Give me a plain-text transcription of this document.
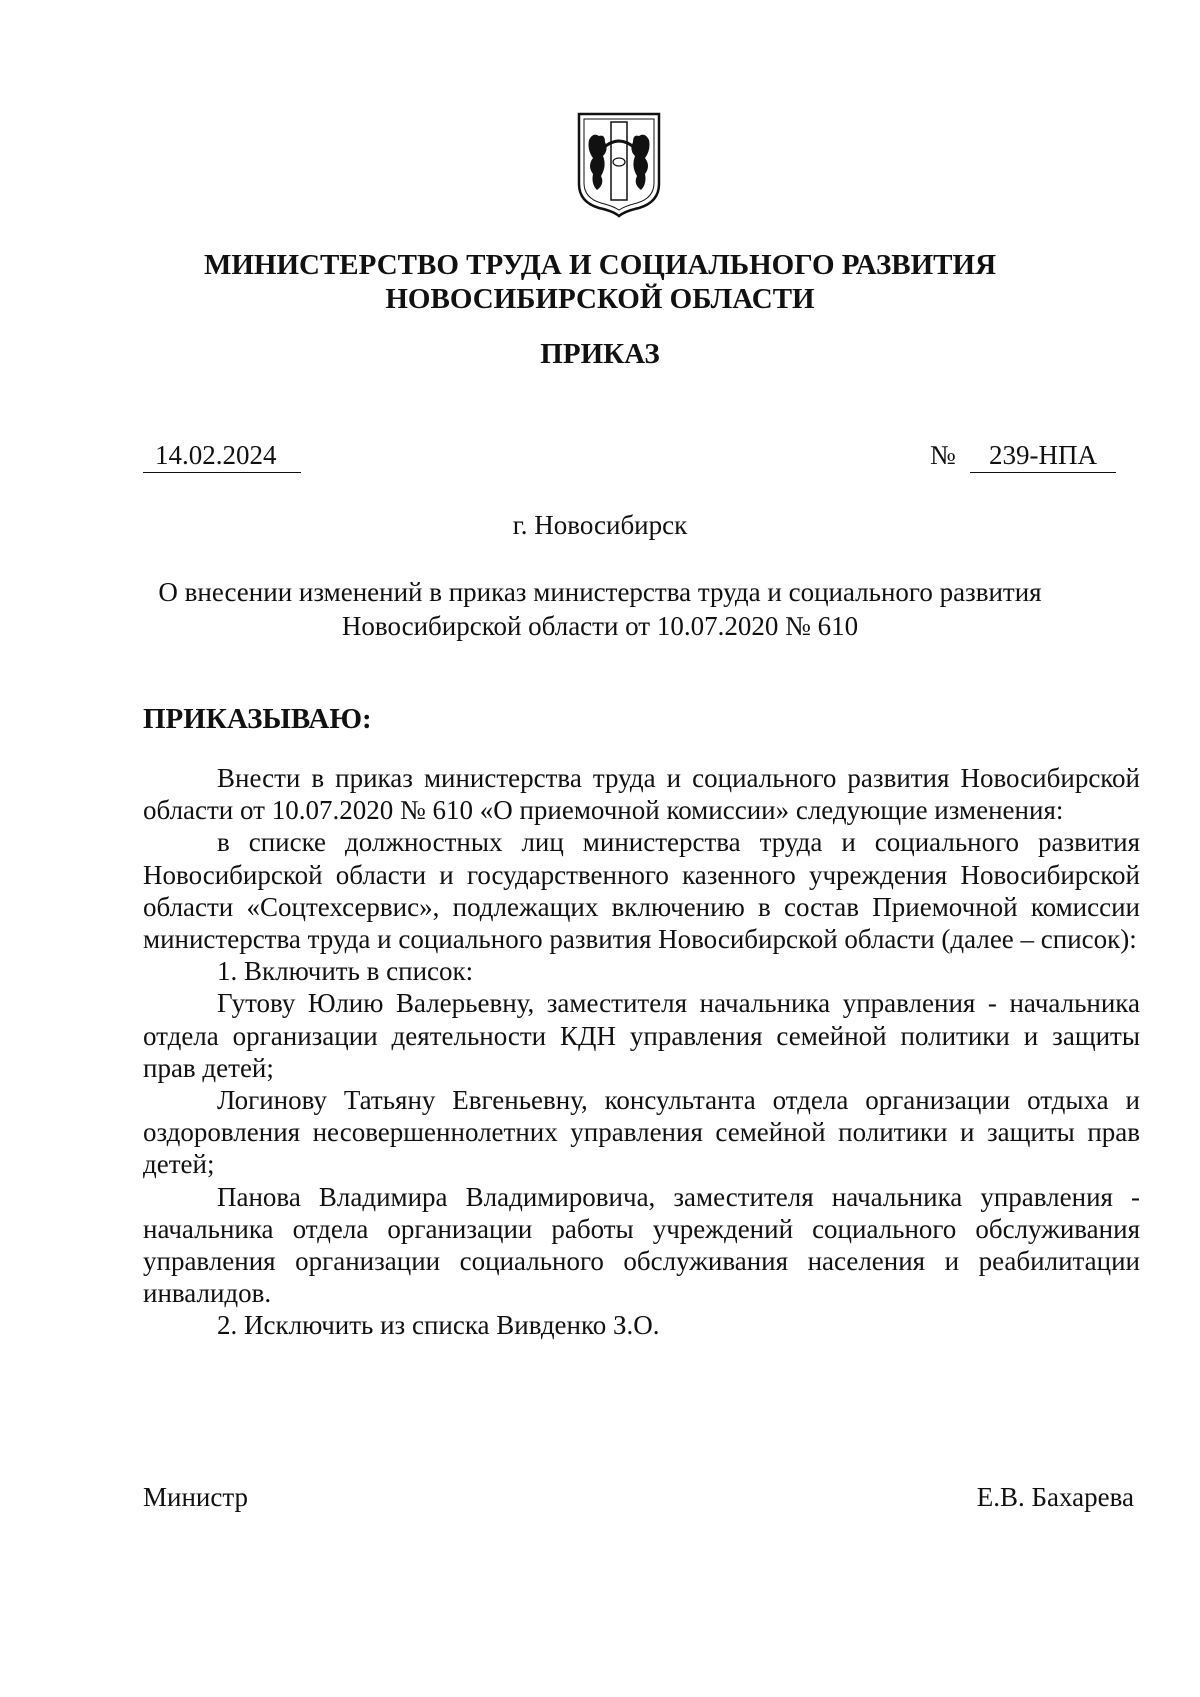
МИНИСТЕРСТВО ТРУДА И СОЦИАЛЬНОГО РАЗВИТИЯ
НОВОСИБИРСКОЙ ОБЛАСТИ
ПРИКАЗ
14.02.2024	№	239-НПА
г. Новосибирск
О внесении изменений в приказ министерства труда и социального развития
Новосибирской области от 10.07.2020 № 610
ПРИКАЗЫВАЮ:

Внести в приказ министерства труда и социального развития Новосибирской области от 10.07.2020 № 610 «О приемочной комиссии» следующие изменения:

в списке должностных лиц министерства труда и социального развития Новосибирской области и государственного казенного учреждения Новосибирской области «Соцтехсервис», подлежащих включению в состав Приемочной комиссии министерства труда и социального развития Новосибирской области (далее – список):

1. Включить в список:

Гутову Юлию Валерьевну, заместителя начальника управления - начальника отдела организации деятельности КДН управления семейной политики и защиты прав детей;

Логинову Татьяну Евгеньевну, консультанта отдела организации отдыха и оздоровления несовершеннолетних управления семейной политики и защиты прав детей;

Панова Владимира Владимировича, заместителя начальника управления - начальника отдела организации работы учреждений социального обслуживания управления организации социального обслуживания населения и реабилитации инвалидов.

2. Исключить из списка Вивденко З.О.

Министр	Е.В. Бахарева
